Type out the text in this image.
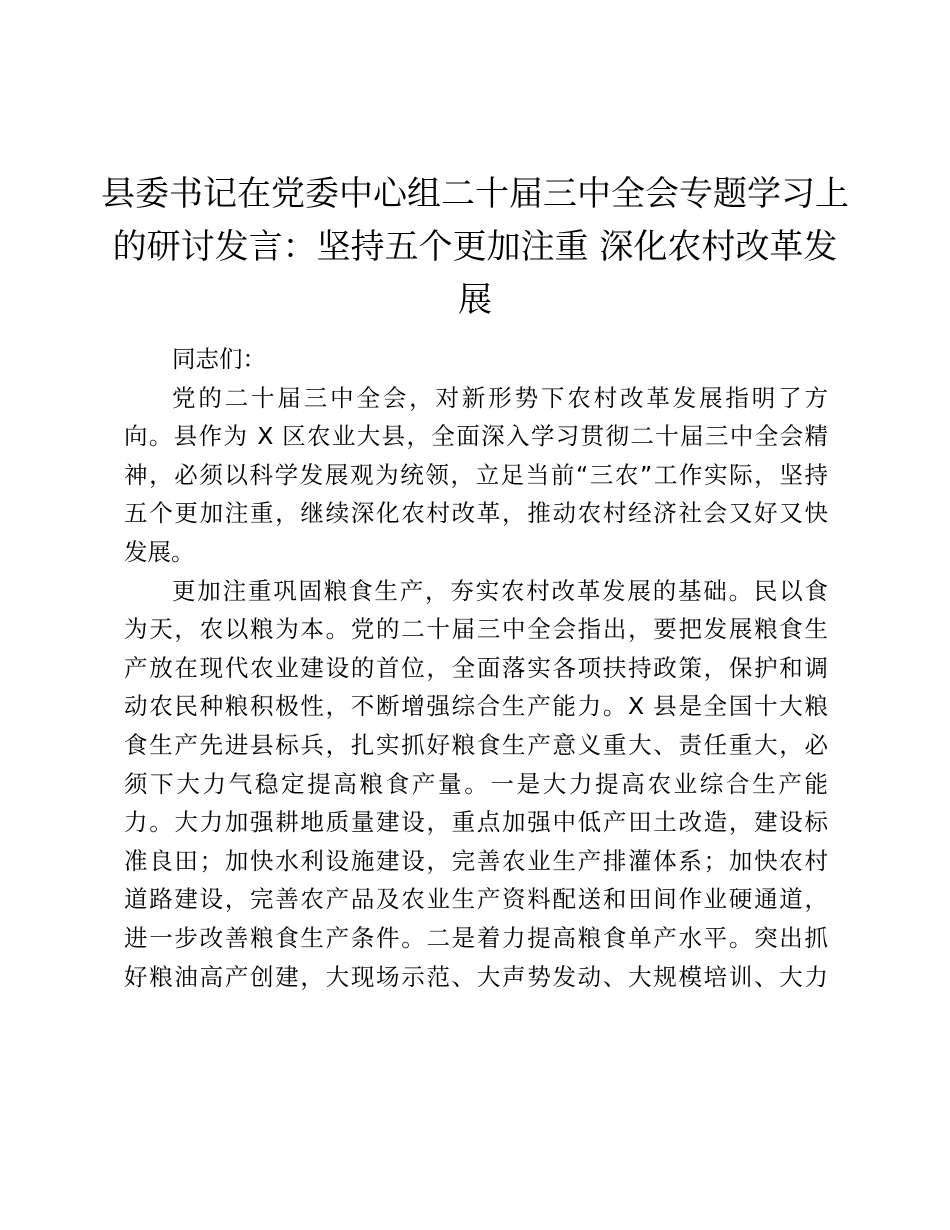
县委书记在党委中心组二十届三中全会专题学习上的研讨发言：坚持五个更加注重 深化农村改革发展
同志们：
党的二十届三中全会，对新形势下农村改革发展指明了方
向。县作为 X 区农业大县，全面深入学习贯彻二十届三中全会精
神，必须以科学发展观为统领，立足当前“三农”工作实际，坚持
五个更加注重，继续深化农村改革，推动农村经济社会又好又快
发展。
更加注重巩固粮食生产，夯实农村改革发展的基础。民以食
为天，农以粮为本。党的二十届三中全会指出，要把发展粮食生
产放在现代农业建设的首位，全面落实各项扶持政策，保护和调
动农民种粮积极性，不断增强综合生产能力。X 县是全国十大粮
食生产先进县标兵，扎实抓好粮食生产意义重大、责任重大，必
须下大力气稳定提高粮食产量。一是大力提高农业综合生产能
力。大力加强耕地质量建设，重点加强中低产田土改造，建设标
准良田；加快水利设施建设，完善农业生产排灌体系；加快农村
道路建设，完善农产品及农业生产资料配送和田间作业硬通道，
进一步改善粮食生产条件。二是着力提高粮食单产水平。突出抓
好粮油高产创建，大现场示范、大声势发动、大规模培训、大力
